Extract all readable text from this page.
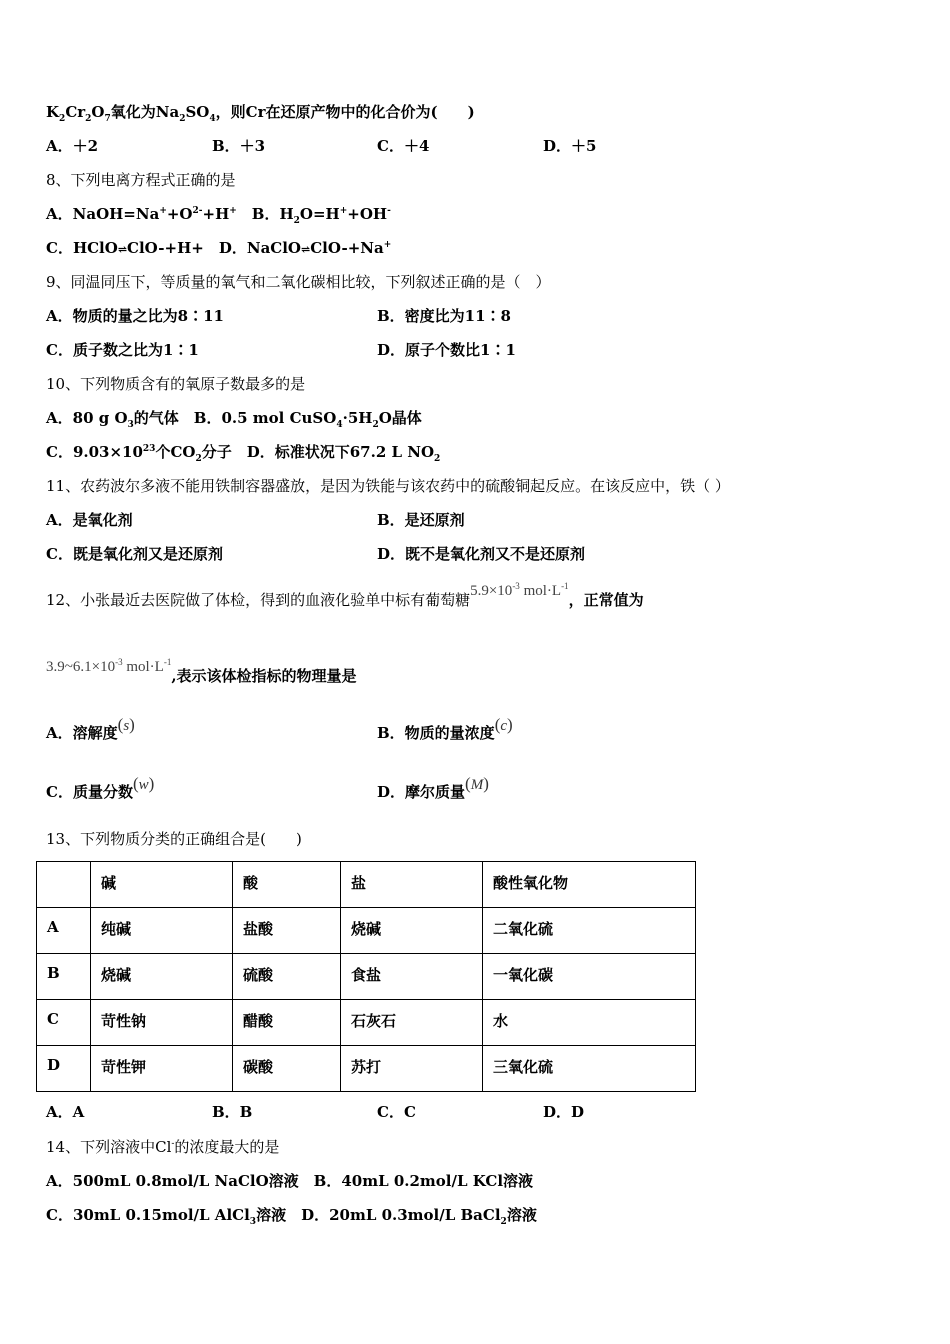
$K_2Cr_2O_7$氧化为$Na_2SO_4$，则Cr在还原产物中的化合价为(　　)
A．＋2	B．＋3	C．＋4	D．＋5
8、下列电离方程式正确的是
A．$NaOH=Na^++O^{2-}+H^+$　B．$H_2O=H^++OH^-$
C．HClO⇌ClO-+H+　D．NaClO⇌ClO-+Na+
9、同温同压下，等质量的氧气和二氧化碳相比较，下列叙述正确的是（　）
A．物质的量之比为8∶11	B．密度比为11∶8
C．质子数之比为1∶1	D．原子个数比1∶1
10、下列物质含有的氧原子数最多的是
A．80 g $O_3$的气体　B．0.5 mol $CuSO_4\cdot 5H_2O$晶体
C．$9.03\times 10^{23}$个$CO_2$分子　D．标准状况下67.2 L $NO_2$
11、农药波尔多液不能用铁制容器盛放，是因为铁能与该农药中的硫酸铜起反应。在该反应中，铁（ ）
A．是氧化剂	B．是还原剂
C．既是氧化剂又是还原剂	D．既不是氧化剂又不是还原剂
12、小张最近去医院做了体检，得到的血液化验单中标有葡萄糖$5.9\times 10^{-3}$ $mol\cdot L^{-1}$，正常值为
$3.9\sim 6.1\times 10^{-3}$ $mol\cdot L^{-1}$,表示该体检指标的物理量是
A．溶解度(s)	B．物质的量浓度(c)
C．质量分数(w)	D．摩尔质量(M)
13、下列物质分类的正确组合是(　　)
	碱	酸	盐	酸性氧化物
A	纯碱	盐酸	烧碱	二氧化硫
B	烧碱	硫酸	食盐	一氧化碳
C	苛性钠	醋酸	石灰石	水
D	苛性钾	碳酸	苏打	三氧化硫
A．A	B．B	C．C	D．D
14、下列溶液中Cl-的浓度最大的是
A．500mL 0.8mol/L NaClO溶液　B．40mL 0.2mol/L KCl溶液
C．30mL 0.15mol/L AlCl$_3$溶液　D．20mL 0.3mol/L BaCl$_2$溶液
